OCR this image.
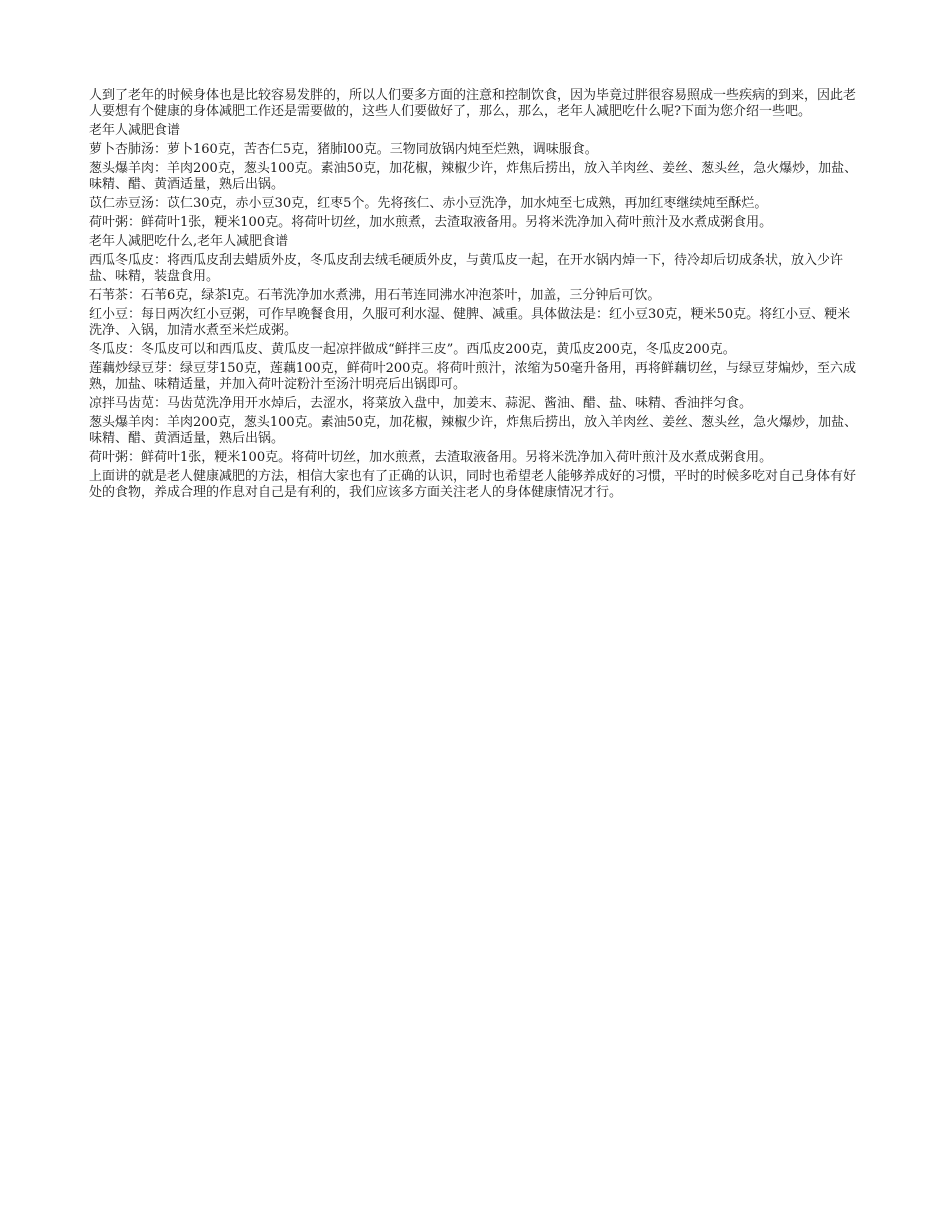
人到了老年的时候身体也是比较容易发胖的，所以人们要多方面的注意和控制饮食，因为毕竟过胖很容易照成一些疾病的到来，因此老人要想有个健康的身体减肥工作还是需要做的，这些人们要做好了，那么，那么，老年人减肥吃什么呢?下面为您介绍一些吧。

老年人减肥食谱

萝卜杏肺汤：萝卜160克，苦杏仁5克，猪肺l00克。三物同放锅内炖至烂熟，调味服食。

葱头爆羊肉：羊肉200克，葱头100克。素油50克，加花椒，辣椒少许，炸焦后捞出，放入羊肉丝、姜丝、葱头丝，急火爆炒，加盐、味精、醋、黄酒适量，熟后出锅。

苡仁赤豆汤：苡仁30克，赤小豆30克，红枣5个。先将孩仁、赤小豆洗净，加水炖至七成熟，再加红枣继续炖至酥烂。

荷叶粥：鲜荷叶1张，粳米100克。将荷叶切丝，加水煎煮，去渣取液备用。另将米洗净加入荷叶煎汁及水煮成粥食用。

老年人减肥吃什么,老年人减肥食谱

西瓜冬瓜皮：将西瓜皮刮去蜡质外皮，冬瓜皮刮去绒毛硬质外皮，与黄瓜皮一起，在开水锅内焯一下，待冷却后切成条状，放入少许盐、味精，装盘食用。

石苇茶：石苇6克，绿茶l克。石苇洗净加水煮沸，用石苇连同沸水冲泡茶叶，加盖，三分钟后可饮。

红小豆：每日两次红小豆粥，可作早晚餐食用，久服可利水湿、健脾、减重。具体做法是：红小豆30克，粳米50克。将红小豆、粳米洗净、入锅，加清水煮至米烂成粥。

冬瓜皮：冬瓜皮可以和西瓜皮、黄瓜皮一起凉拌做成“鲜拌三皮”。西瓜皮200克，黄瓜皮200克，冬瓜皮200克。

莲藕炒绿豆芽：绿豆芽150克，莲藕100克，鲜荷叶200克。将荷叶煎汁，浓缩为50毫升备用，再将鲜藕切丝，与绿豆芽煸炒，至六成熟，加盐、味精适量，并加入荷叶淀粉汁至汤汁明亮后出锅即可。

凉拌马齿苋：马齿苋洗净用开水焯后，去涩水，将菜放入盘中，加姜末、蒜泥、酱油、醋、盐、味精、香油拌匀食。

葱头爆羊肉：羊肉200克，葱头100克。素油50克，加花椒，辣椒少许，炸焦后捞出，放入羊肉丝、姜丝、葱头丝，急火爆炒，加盐、味精、醋、黄酒适量，熟后出锅。

荷叶粥：鲜荷叶1张，粳米100克。将荷叶切丝，加水煎煮，去渣取液备用。另将米洗净加入荷叶煎汁及水煮成粥食用。

上面讲的就是老人健康减肥的方法，相信大家也有了正确的认识，同时也希望老人能够养成好的习惯，平时的时候多吃对自己身体有好处的食物，养成合理的作息对自己是有利的，我们应该多方面关注老人的身体健康情况才行。
